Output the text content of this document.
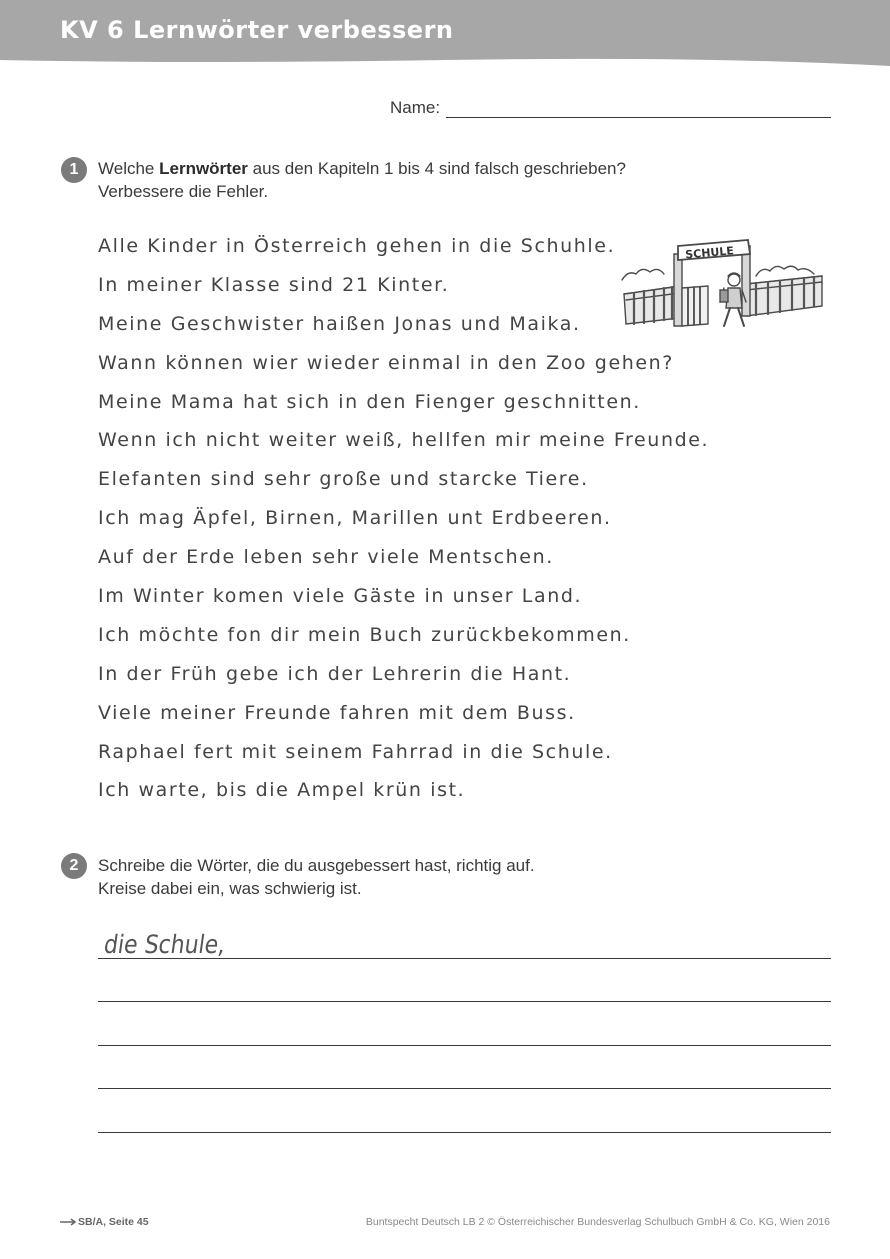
KV 6 Lernwörter verbessern
Name:
1	Welche Lernwörter aus den Kapiteln 1 bis 4 sind falsch geschrieben?
Verbessere die Fehler.
Alle Kinder in Österreich gehen in die Schuhle.
In meiner Klasse sind 21 Kinter.
Meine Geschwister haißen Jonas und Maika.
Wann können wier wieder einmal in den Zoo gehen?
Meine Mama hat sich in den Fienger geschnitten.
Wenn ich nicht weiter weiß, hellfen mir meine Freunde.
Elefanten sind sehr große und starcke Tiere.
Ich mag Äpfel, Birnen, Marillen unt Erdbeeren.
Auf der Erde leben sehr viele Mentschen.
Im Winter komen viele Gäste in unser Land.
Ich möchte fon dir mein Buch zurückbekommen.
In der Früh gebe ich der Lehrerin die Hant.
Viele meiner Freunde fahren mit dem Buss.
Raphael fert mit seinem Fahrrad in die Schule.
Ich warte, bis die Ampel krün ist.
SCHULE
2	Schreibe die Wörter, die du ausgebessert hast, richtig auf.
Kreise dabei ein, was schwierig ist.
die Schule,
SB/A, Seite 45	Buntspecht Deutsch LB 2 © Österreichischer Bundesverlag Schulbuch GmbH & Co. KG, Wien 2016
